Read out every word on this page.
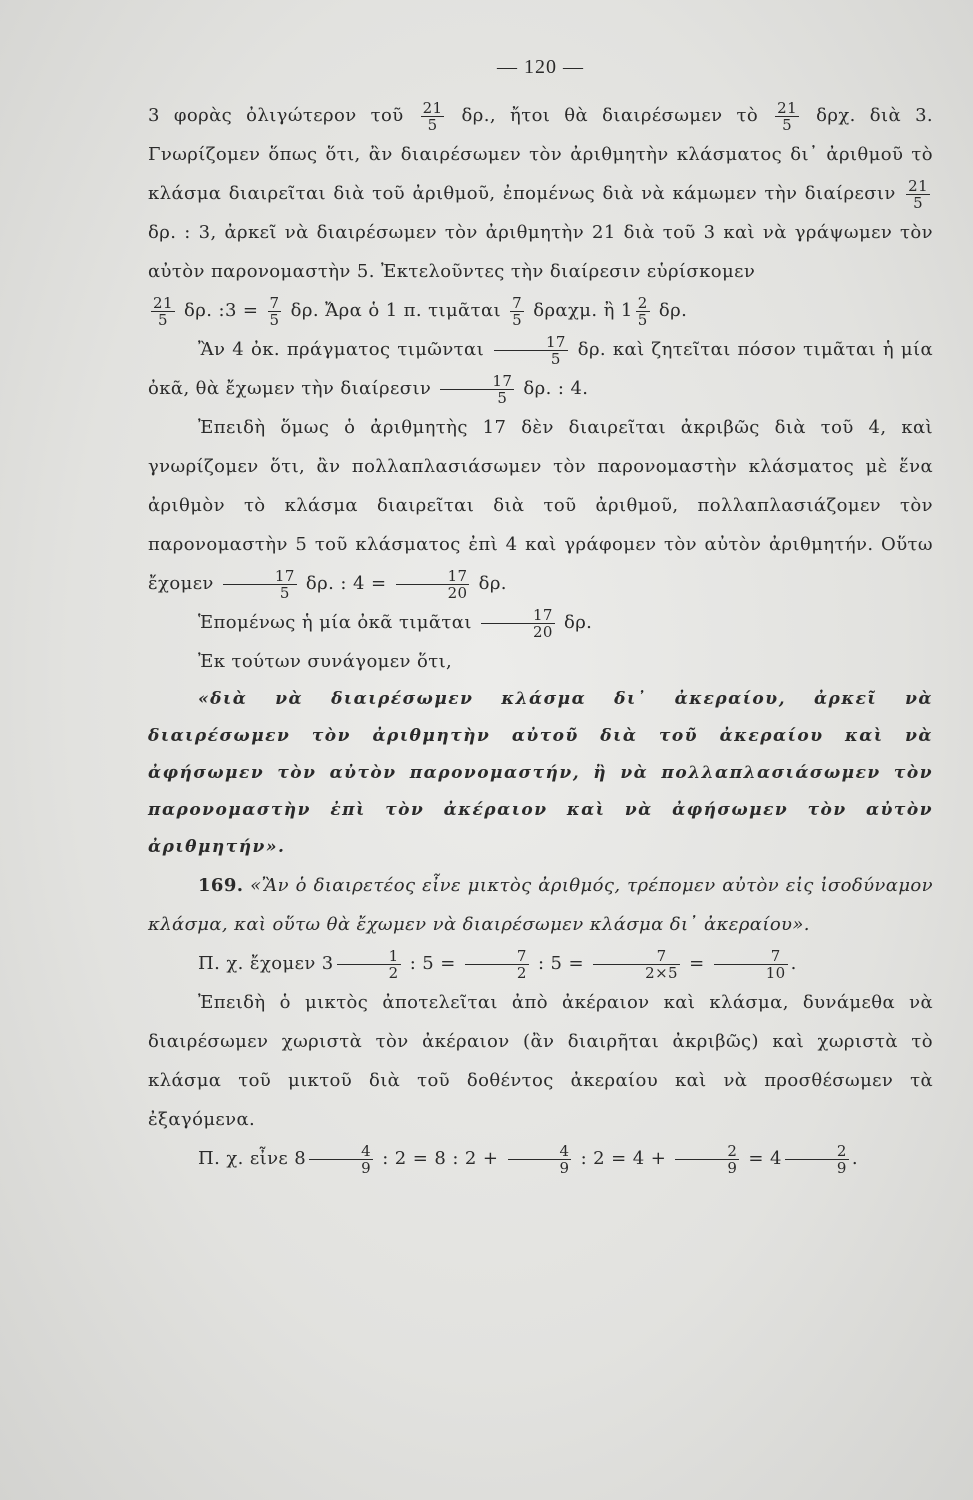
— 120 —

3 φορὰς ὀλιγώτερον τοῦ $\frac{21}{5} \delta\rho$., ἤτοι θὰ διαιρέσωμεν τὸ $\frac{21}{5} \delta\rho\chi$. διὰ 3. Γνωρίζομεν ὅπως ὅτι, ἂν διαιρέσωμεν τὸν ἀριθμητὴν κλάσματος δι᾽ ἀριθμοῦ τὸ κλάσμα διαιρεῖται διὰ τοῦ ἀριθμοῦ, ἐπομένως διὰ νὰ κάμωμεν τὴν διαίρεσιν $\frac{21}{5}$
δρ. : 3, ἀρκεῖ νὰ διαιρέσωμεν τὸν ἀριθμητὴν 21 διὰ τοῦ 3 καὶ νὰ γράψωμεν τὸν αὐτὸν παρονομαστὴν 5. Ἐκτελοῦντες τὴν διαίρεσιν εὑρίσκομεν

$\frac{21}{5} \delta\rho$. :3 = $\frac{7}{5} \delta\rho$. Ἄρα ὁ 1 π. τιμᾶται $\frac{7}{5} \delta\rho\alpha\chi\mu$. ἢ $1 \frac{2}{5} \delta\rho$.

Ἂν 4 ὀκ. πράγματος τιμῶνται $\frac{17}{5} \delta\rho$. καὶ ζητεῖται πόσον τιμᾶται ἡ μία ὀκᾶ, θὰ ἔχωμεν τὴν διαίρεσιν $\frac{17}{5} \delta\rho$. : 4.

Ἐπειδὴ ὅμως ὁ ἀριθμητὴς 17 δὲν διαιρεῖται ἀκριβῶς διὰ τοῦ 4, καὶ γνωρίζομεν ὅτι, ἂν πολλαπλασιάσωμεν τὸν παρονομαστὴν κλάσματος μὲ ἕνα ἀριθμὸν τὸ κλάσμα διαιρεῖται διὰ τοῦ ἀριθμοῦ, πολλαπλασιάζομεν τὸν παρονομαστὴν 5 τοῦ κλάσματος ἐπὶ 4 καὶ γράφομεν τὸν αὐτὸν ἀριθμητήν. Οὕτω ἔχομεν $\frac{17}{5} \delta\rho$. : $4 = \frac{17}{20} \delta\rho$.

Ἑπομένως ἡ μία ὀκᾶ τιμᾶται $\frac{17}{20} \delta\rho$.

Ἐκ τούτων συνάγομεν ὅτι,

«διὰ νὰ διαιρέσωμεν κλάσμα δι᾽ ἀκεραίου, ἀρκεῖ νὰ διαιρέσωμεν τὸν ἀριθμητὴν αὐτοῦ διὰ τοῦ ἀκεραίου καὶ νὰ ἀφήσωμεν τὸν αὐτὸν παρονομαστήν, ἢ νὰ πολλαπλασιάσωμεν τὸν παρονομαστὴν ἐπὶ τὸν ἀκέραιον καὶ νὰ ἀφήσωμεν τὸν αὐτὸν ἀριθμητήν».

169. «Ἂν ὁ διαιρετέος εἶνε μικτὸς ἀριθμός, τρέπομεν αὐτὸν εἰς ἰσοδύναμον κλάσμα, καὶ οὕτω θὰ ἔχωμεν νὰ διαιρέσωμεν κλάσμα δι᾽ ἀκεραίου».

Π. χ. ἔχομεν $3 \frac{1}{2}$ : $5 = \frac{7}{2}$ : $5 = \frac{7}{2\times 5} = \frac{7}{10}$ .

Ἐπειδὴ ὁ μικτὸς ἀποτελεῖται ἀπὸ ἀκέραιον καὶ κλάσμα, δυνάμεθα νὰ διαιρέσωμεν χωριστὰ τὸν ἀκέραιον (ἂν διαιρῆται ἀκριβῶς) καὶ χωριστὰ τὸ κλάσμα τοῦ μικτοῦ διὰ τοῦ δοθέντος ἀκεραίου καὶ νὰ προσθέσωμεν τὰ ἐξαγόμενα.

Π. χ. εἶνε $8 \frac{4}{9}$ : 2 = 8 : $2 + \frac{4}{9}$ : $2 = 4 + \frac{2}{9} = 4 \frac{2}{9}$ .
